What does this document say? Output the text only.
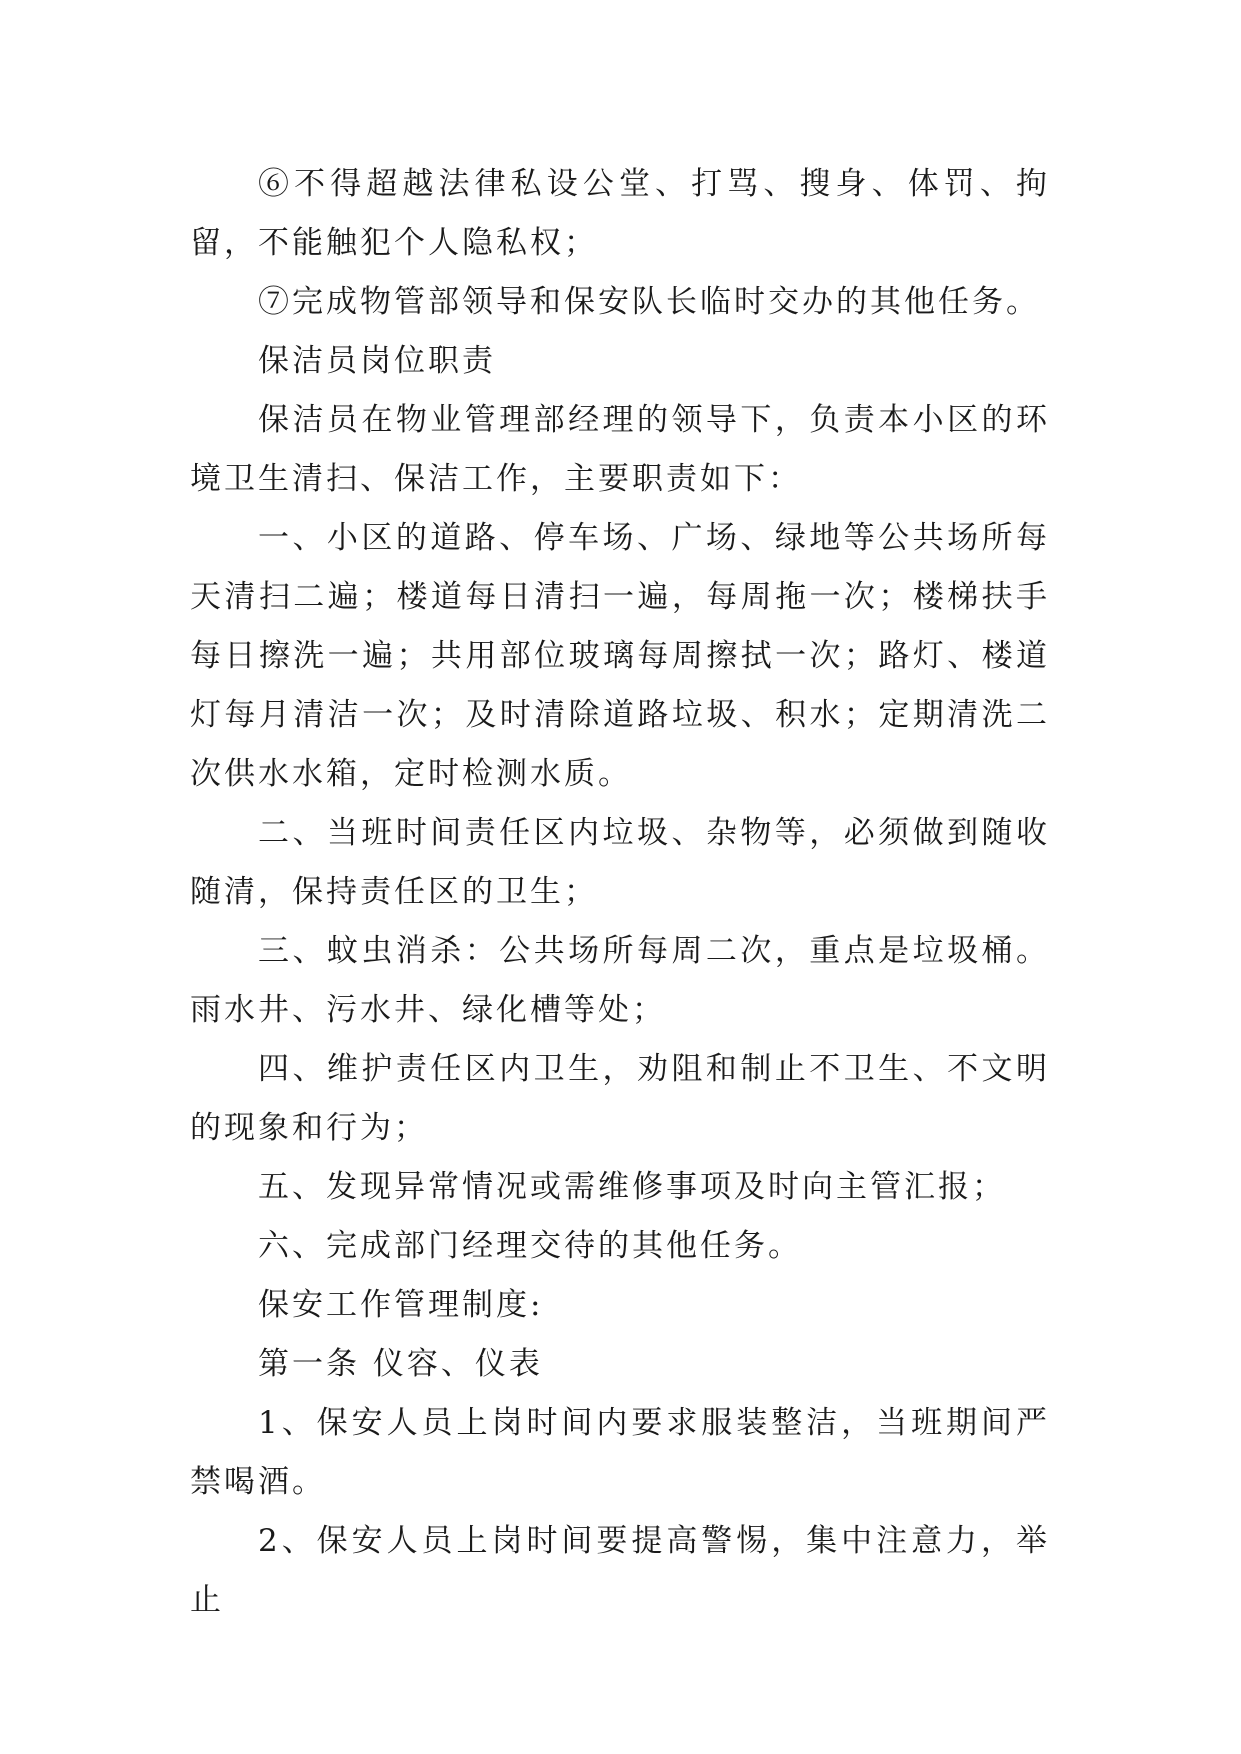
⑥不得超越法律私设公堂、打骂、搜身、体罚、拘留，不能触犯个人隐私权；

⑦完成物管部领导和保安队长临时交办的其他任务。

保洁员岗位职责

保洁员在物业管理部经理的领导下，负责本小区的环境卫生清扫、保洁工作，主要职责如下：

一、小区的道路、停车场、广场、绿地等公共场所每天清扫二遍；楼道每日清扫一遍，每周拖一次；楼梯扶手每日擦洗一遍；共用部位玻璃每周擦拭一次；路灯、楼道灯每月清洁一次；及时清除道路垃圾、积水；定期清洗二次供水水箱，定时检测水质。

二、当班时间责任区内垃圾、杂物等，必须做到随收随清，保持责任区的卫生；

三、蚊虫消杀：公共场所每周二次，重点是垃圾桶。雨水井、污水井、绿化槽等处；

四、维护责任区内卫生，劝阻和制止不卫生、不文明的现象和行为；

五、发现异常情况或需维修事项及时向主管汇报；

六、完成部门经理交待的其他任务。

保安工作管理制度:

第一条 仪容、仪表

1、保安人员上岗时间内要求服装整洁，当班期间严禁喝酒。

2、保安人员上岗时间要提高警惕，集中注意力，举止
